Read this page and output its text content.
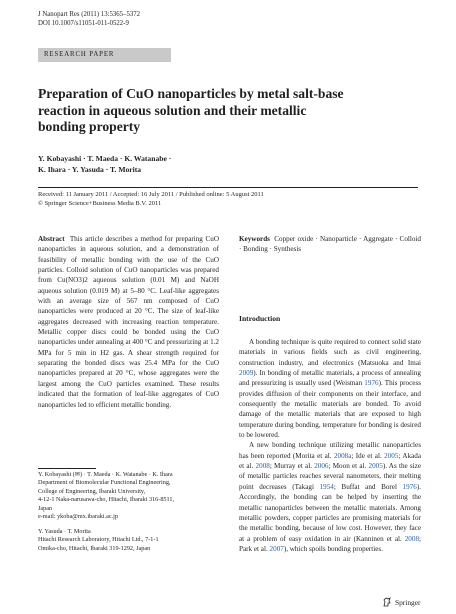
J Nanopart Res (2011) 13:5365–5372
DOI 10.1007/s11051-011-0522-9
RESEARCH PAPER
Preparation of CuO nanoparticles by metal salt-base reaction in aqueous solution and their metallic bonding property
Y. Kobayashi · T. Maeda · K. Watanabe ·
K. Ihara · Y. Yasuda · T. Morita
Received: 11 January 2011 / Accepted: 16 July 2011 / Published online: 5 August 2011
© Springer Science+Business Media B.V. 2011
Abstract This article describes a method for preparing CuO nanoparticles in aqueous solution, and a demonstration of feasibility of metallic bonding with the use of the CuO particles. Colloid solution of CuO nanoparticles was prepared from Cu(NO3)2 aqueous solution (0.01 M) and NaOH aqueous solution (0.019 M) at 5–80 °C. Leaf-like aggregates with an average size of 567 nm composed of CuO nanoparticles were produced at 20 °C. The size of leaf-like aggregates decreased with increasing reaction temperature. Metallic copper discs could be bonded using the CuO nanoparticles under annealing at 400 °C and pressurizing at 1.2 MPa for 5 min in H2 gas. A shear strength required for separating the bonded discs was 25.4 MPa for the CuO nanoparticles prepared at 20 °C, whose aggregates were the largest among the CuO particles examined. These results indicated that the formation of leaf-like aggregates of CuO nanoparticles led to efficient metallic bonding.
Y. Kobayashi (✉) · T. Maeda · K. Watanabe · K. Ihara
Department of Biomolecular Functional Engineering,
College of Engineering, Ibaraki University,
4-12-1 Naka-narusawa-cho, Hitachi, Ibaraki 316-8511,
Japan
e-mail: ykoba@mx.ibaraki.ac.jp
Y. Yasuda · T. Morita
Hitachi Research Laboratory, Hitachi Ltd., 7-1-1
Omika-cho, Hitachi, Ibaraki 319-1292, Japan
Keywords Copper oxide · Nanoparticle · Aggregate · Colloid · Bonding · Synthesis
Introduction

A bonding technique is quite required to connect solid state materials in various fields such as civil engineering, construction industry, and electronics (Matsuoka and Imai 2009). In bonding of metallic materials, a process of annealing and pressurizing is usually used (Weisman 1976). This process provides diffusion of their components on their interface, and consequently the metallic materials are bonded. To avoid damage of the metallic materials that are exposed to high temperature during bonding, temperature for bonding is desired to be lowered.

A new bonding technique utilizing metallic nanoparticles has been reported (Morita et al. 2008a; Ide et al. 2005; Akada et al. 2008; Murray et al. 2006; Moon et al. 2005). As the size of metallic particles reaches several nanometers, their melting point decreases (Takagi 1954; Buffat and Borel 1976). Accordingly, the bonding can be helped by inserting the metallic nanoparticles between the metallic materials. Among metallic powders, copper particles are promising materials for the metallic bonding, because of low cost. However, they face at a problem of easy oxidation in air (Kanninen et al. 2008; Park et al. 2007), which spoils bonding properties.

Springer
